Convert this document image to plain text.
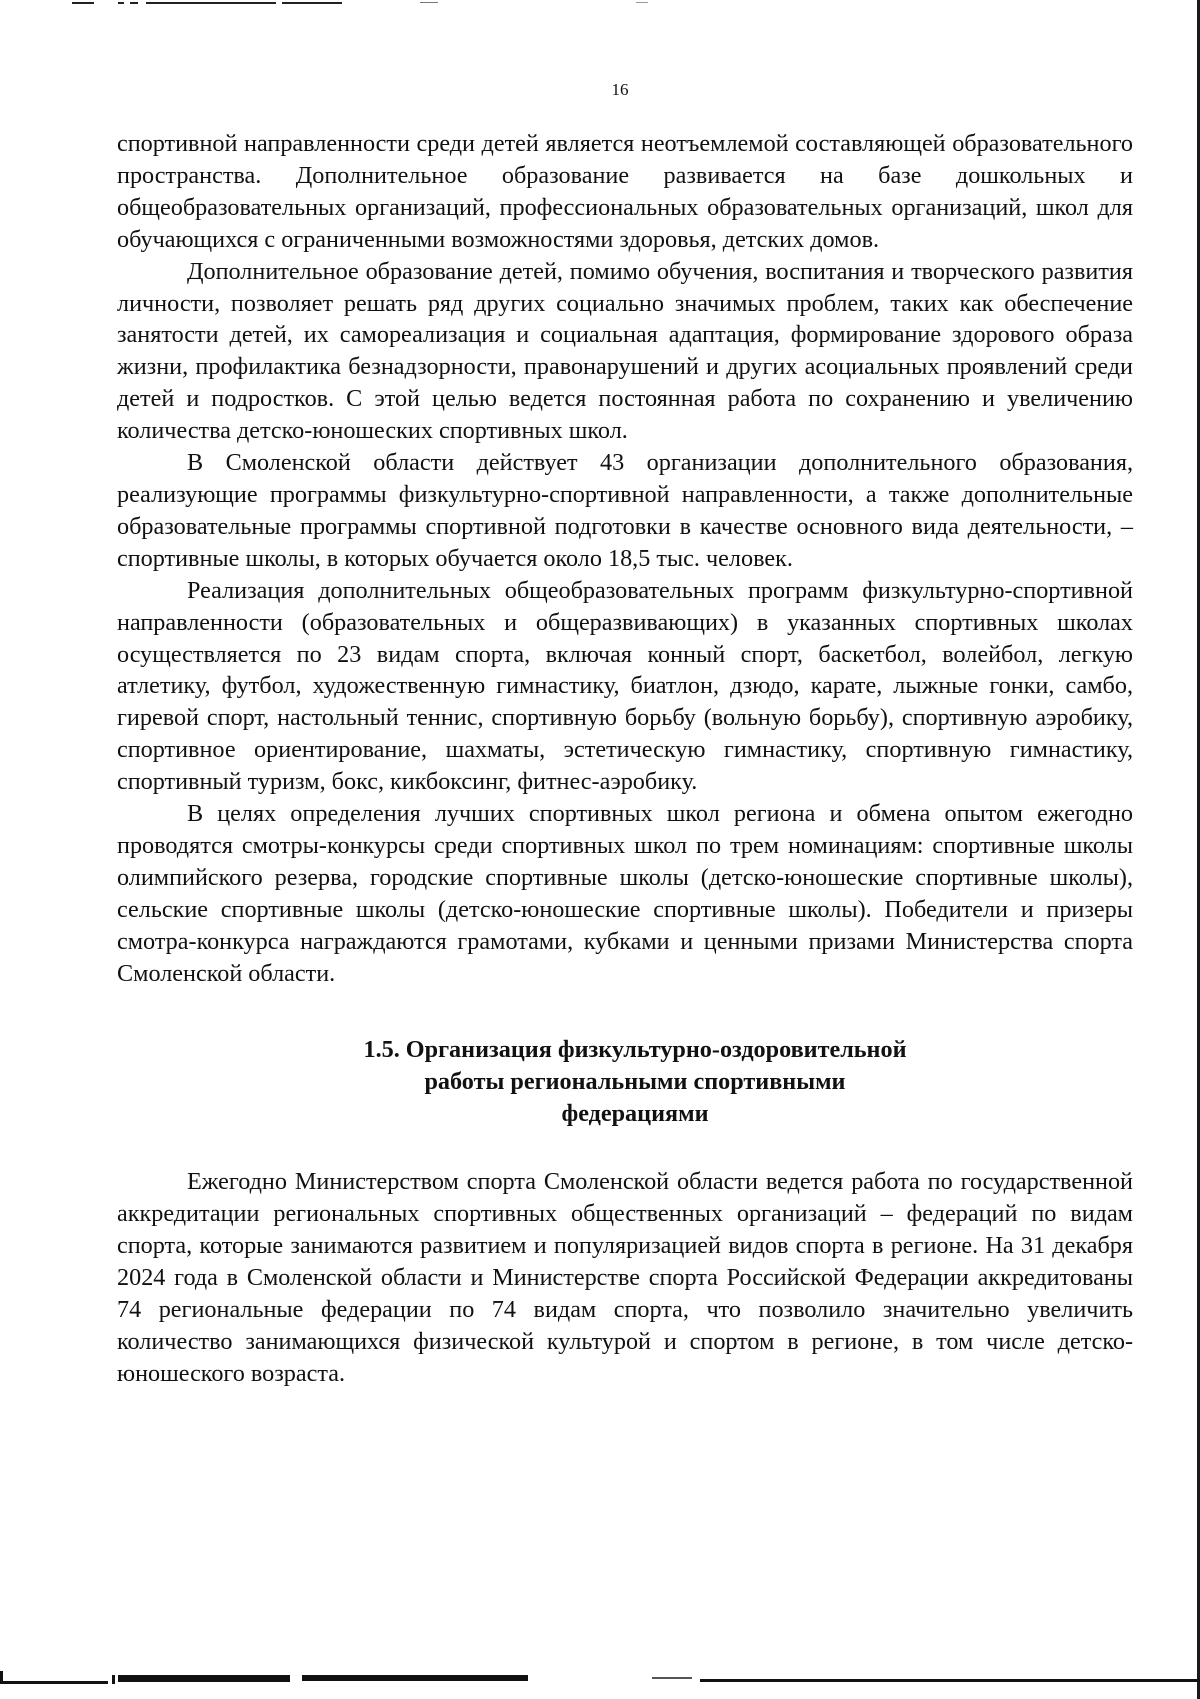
16

спортивной направленности среди детей является неотъемлемой составляющей образовательного пространства. Дополнительное образование развивается на базе дошкольных и общеобразовательных организаций, профессиональных образовательных организаций, школ для обучающихся с ограниченными возможностями здоровья, детских домов.

Дополнительное образование детей, помимо обучения, воспитания и творческого развития личности, позволяет решать ряд других социально значимых проблем, таких как обеспечение занятости детей, их самореализация и социальная адаптация, формирование здорового образа жизни, профилактика безнадзорности, правонарушений и других асоциальных проявлений среди детей и подростков. С этой целью ведется постоянная работа по сохранению и увеличению количества детско-юношеских спортивных школ.

В Смоленской области действует 43 организации дополнительного образования, реализующие программы физкультурно-спортивной направленности, а также дополнительные образовательные программы спортивной подготовки в качестве основного вида деятельности, – спортивные школы, в которых обучается около 18,5 тыс. человек.

Реализация дополнительных общеобразовательных программ физкультурно-спортивной направленности (образовательных и общеразвивающих) в указанных спортивных школах осуществляется по 23 видам спорта, включая конный спорт, баскетбол, волейбол, легкую атлетику, футбол, художественную гимнастику, биатлон, дзюдо, карате, лыжные гонки, самбо, гиревой спорт, настольный теннис, спортивную борьбу (вольную борьбу), спортивную аэробику, спортивное ориентирование, шахматы, эстетическую гимнастику, спортивную гимнастику, спортивный туризм, бокс, кикбоксинг, фитнес-аэробику.

В целях определения лучших спортивных школ региона и обмена опытом ежегодно проводятся смотры-конкурсы среди спортивных школ по трем номинациям: спортивные школы олимпийского резерва, городские спортивные школы (детско-юношеские спортивные школы), сельские спортивные школы (детско-юношеские спортивные школы). Победители и призеры смотра-конкурса награждаются грамотами, кубками и ценными призами Министерства спорта Смоленской области.

1.5. Организация физкультурно-оздоровительной
работы региональными спортивными
федерациями

Ежегодно Министерством спорта Смоленской области ведется работа по государственной аккредитации региональных спортивных общественных организаций – федераций по видам спорта, которые занимаются развитием и популяризацией видов спорта в регионе. На 31 декабря 2024 года в Смоленской области и Министерстве спорта Российской Федерации аккредитованы 74 региональные федерации по 74 видам спорта, что позволило значительно увеличить количество занимающихся физической культурой и спортом в регионе, в том числе детско-юношеского возраста.
